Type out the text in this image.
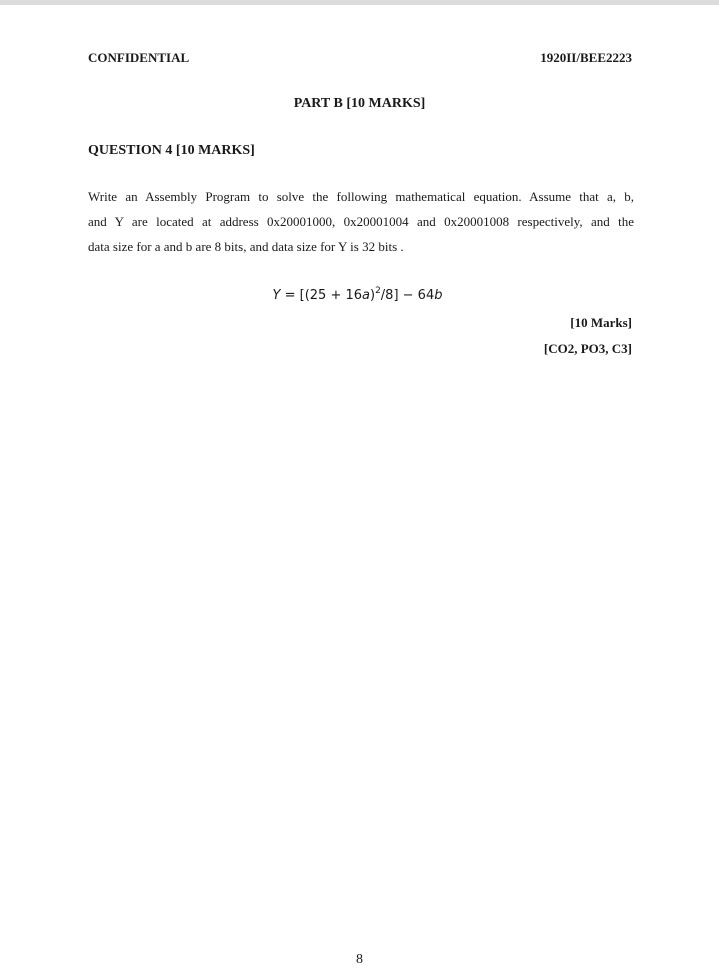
CONFIDENTIAL	1920II/BEE2223
PART B [10 MARKS]
QUESTION 4 [10 MARKS]
Write an Assembly Program to solve the following mathematical equation. Assume that a, b,
and Y are located at address 0x20001000, 0x20001004 and 0x20001008 respectively, and the
data size for a and b are 8 bits, and data size for Y is 32 bits .
$Y = [(25 + 16a)^2/8] - 64b$
[10 Marks]
[CO2, PO3, C3]
8
